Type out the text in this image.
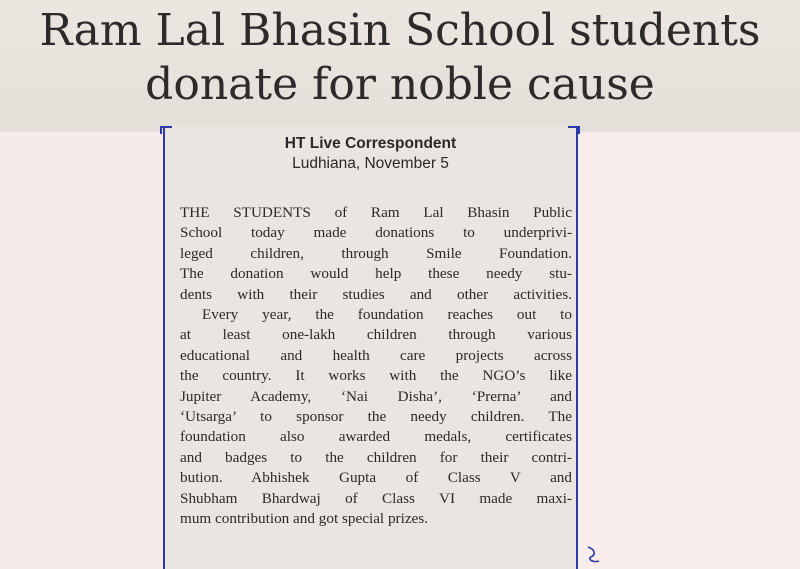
Ram Lal Bhasin School students
donate for noble cause
HT Live Correspondent
Ludhiana, November 5
THE STUDENTS of Ram Lal Bhasin Public
School today made donations to underprivi-
leged children, through Smile Foundation.
The donation would help these needy stu-
dents with their studies and other activities.
Every year, the foundation reaches out to
at least one-lakh children through various
educational and health care projects across
the country. It works with the NGO’s like
Jupiter Academy, ‘Nai Disha’, ‘Prerna’ and
‘Utsarga’ to sponsor the needy children. The
foundation also awarded medals, certificates
and badges to the children for their contri-
bution. Abhishek Gupta of Class V and
Shubham Bhardwaj of Class VI made maxi-
mum contribution and got special prizes.
